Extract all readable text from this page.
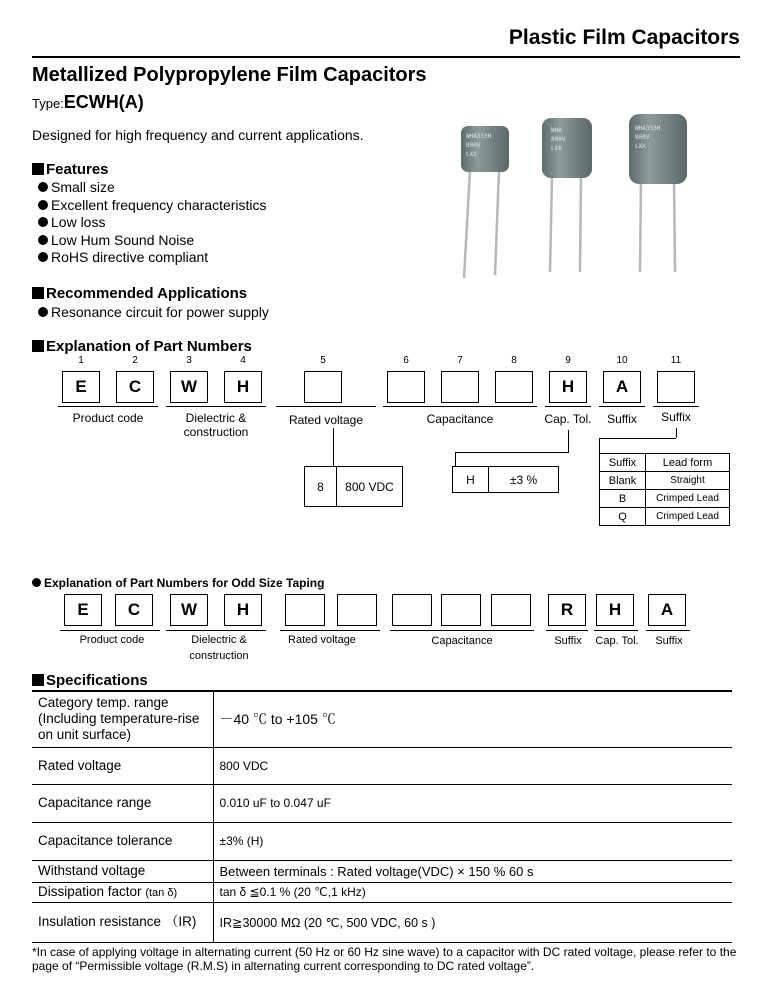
Plastic Film Capacitors
Metallized Polypropylene Film Capacitors
Type:ECWH(A)
Designed for high frequency and current applications.	WHA333H
800V
LXX
WHA
800V
LXX
WHA333H
800V
LXX
Features
Small size
Excellent frequency characteristics
Low loss
Low Hum Sound Noise
RoHS directive compliant
Recommended Applications
Resonance circuit for power supply
Explanation of Part Numbers
1	2	3	4	5	6	7	8	9	10	11
E	C	W	H	H	A
Product code	Dielectric &
construction
Rated voltage	Capacitance	Cap. Tol.	Suffix	Suffix
8	800 VDC	H	±3 %
Suffix	Lead form
Blank	Straight
B	Crimped Lead
Q	Crimped Lead
Explanation of Part Numbers for Odd Size Taping
E	C	W	H	R	H	A
Product code	Dielectric &
construction
Rated voltage	Capacitance	Suffix	Cap. Tol.	Suffix
Specifications
Category temp. range
(Including temperature-rise
on unit surface)	－40 ℃ to +105 ℃
Rated voltage	800 VDC
Capacitance range	0.010 uF to 0.047 uF
Capacitance tolerance	±3% (H)
Withstand voltage	Between terminals : Rated voltage(VDC) × 150 % 60 s
Dissipation factor (tan δ)	tan δ ≦0.1 % (20 ℃,1 kHz)
Insulation resistance （IR)	IR≧30000 MΩ (20 ℃, 500 VDC, 60 s )
*In case of applying voltage in alternating current (50 Hz or 60 Hz sine wave) to a capacitor with DC rated voltage, please refer to the page of “Permissible voltage (R.M.S) in alternating current corresponding to DC rated voltage”.
